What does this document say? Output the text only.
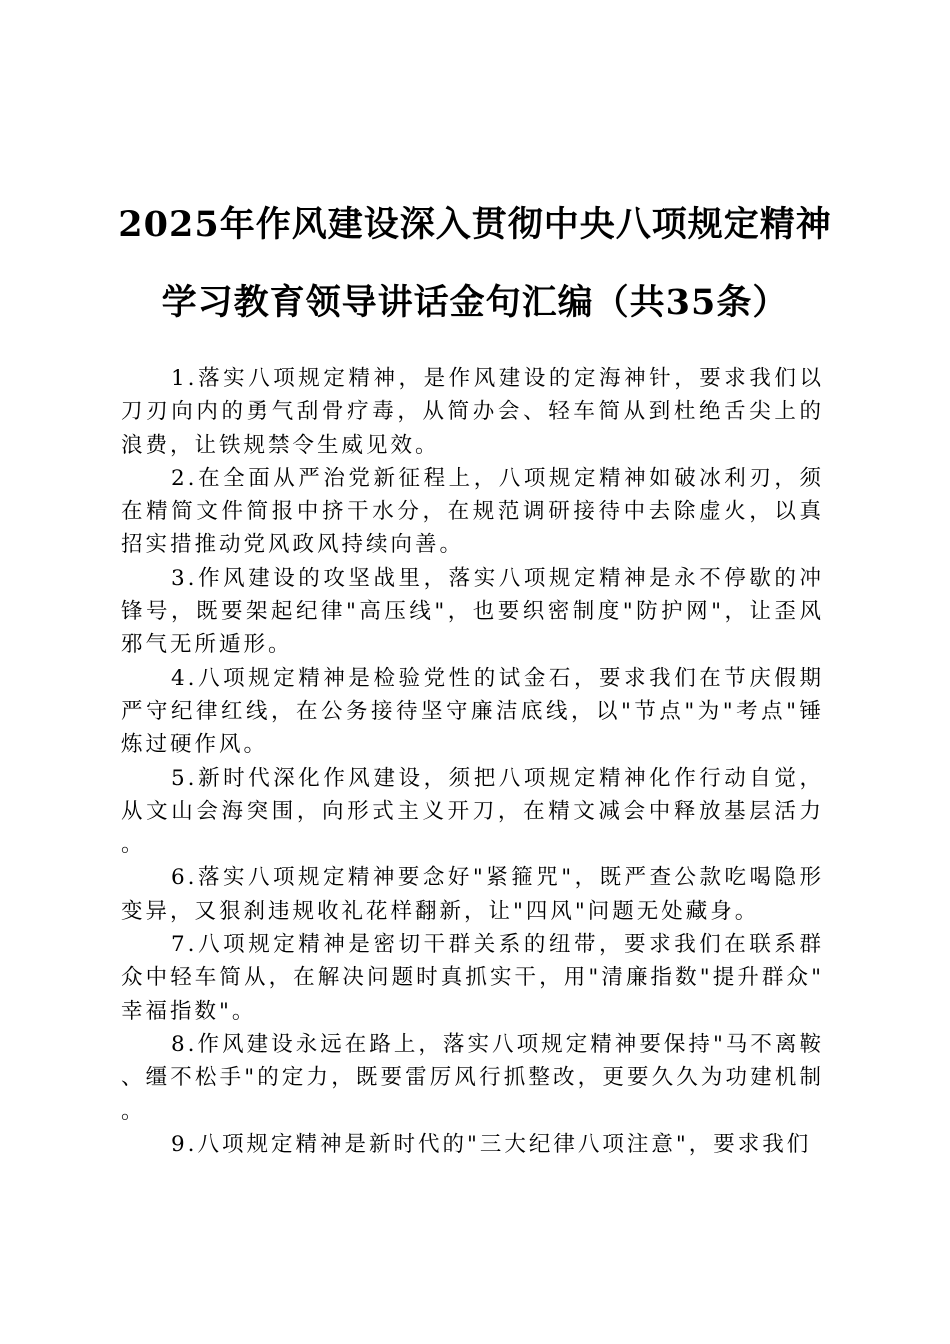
2025年作风建设深入贯彻中央八项规定精神
学习教育领导讲话金句汇编（共35条）

1.落实八项规定精神，是作风建设的定海神针，要求我们以刀刃向内的勇气刮骨疗毒，从简办会、轻车简从到杜绝舌尖上的浪费，让铁规禁令生威见效。

2.在全面从严治党新征程上，八项规定精神如破冰利刃，须在精简文件简报中挤干水分，在规范调研接待中去除虚火，以真招实措推动党风政风持续向善。

3.作风建设的攻坚战里，落实八项规定精神是永不停歇的冲锋号，既要架起纪律"高压线"，也要织密制度"防护网"，让歪风邪气无所遁形。

4.八项规定精神是检验党性的试金石，要求我们在节庆假期严守纪律红线，在公务接待坚守廉洁底线，以"节点"为"考点"锤炼过硬作风。

5.新时代深化作风建设，须把八项规定精神化作行动自觉，从文山会海突围，向形式主义开刀，在精文减会中释放基层活力。

6.落实八项规定精神要念好"紧箍咒"，既严查公款吃喝隐形变异，又狠刹违规收礼花样翻新，让"四风"问题无处藏身。

7.八项规定精神是密切干群关系的纽带，要求我们在联系群众中轻车简从，在解决问题时真抓实干，用"清廉指数"提升群众"幸福指数"。

8.作风建设永远在路上，落实八项规定精神要保持"马不离鞍、缰不松手"的定力，既要雷厉风行抓整改，更要久久为功建机制。

9.八项规定精神是新时代的"三大纪律八项注意"，要求我们
